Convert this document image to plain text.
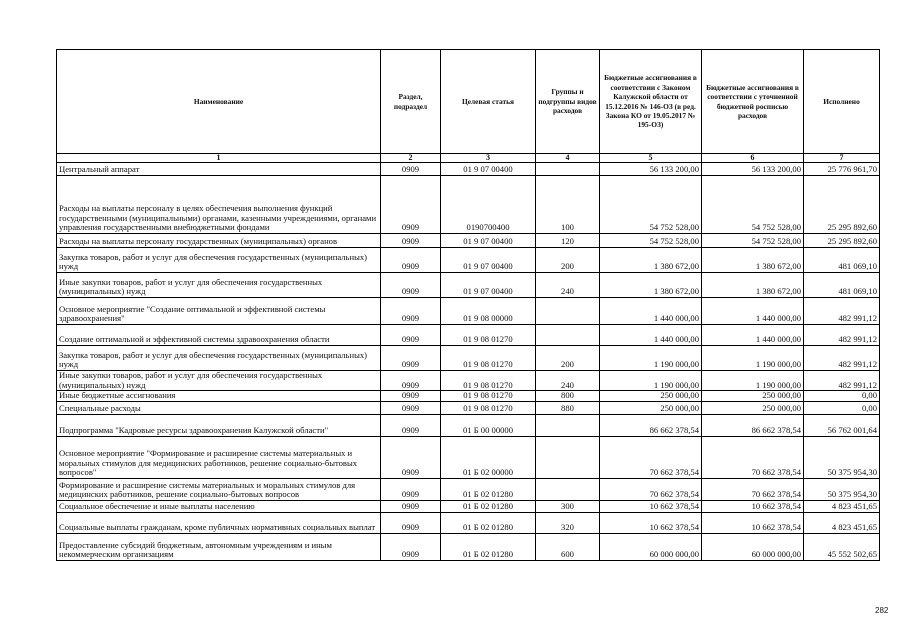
Наименование	Раздел, подраздел	Целевая статья	Группы и подгруппы видов расходов	Бюджетные ассигнования в соответствии с Законом Калужской области от 15.12.2016 № 146-ОЗ (в ред. Закона КО от 19.05.2017 № 195-ОЗ)	Бюджетные ассигнования в соответствии с уточненной бюджетной росписью расходов	Исполнено
1	2	3	4	5	6	7
Центральный аппарат	0909	01 9 07 00400		56 133 200,00	56 133 200,00	25 776 961,70
Расходы на выплаты персоналу в целях обеспечения выполнения функций государственными (муниципальными) органами, казенными учреждениями, органами управления государственными внебюджетными фондами	0909	0190700400	100	54 752 528,00	54 752 528,00	25 295 892,60
Расходы на выплаты персоналу государственных (муниципальных) органов	0909	01 9 07 00400	120	54 752 528,00	54 752 528,00	25 295 892,60
Закупка товаров, работ и услуг для обеспечения государственных (муниципальных) нужд	0909	01 9 07 00400	200	1 380 672,00	1 380 672,00	481 069,10
Иные закупки товаров, работ и услуг для обеспечения государственных (муниципальных) нужд	0909	01 9 07 00400	240	1 380 672,00	1 380 672,00	481 069,10
Основное мероприятие "Создание оптимальной и эффективной системы здравоохранения"	0909	01 9 08 00000		1 440 000,00	1 440 000,00	482 991,12
Создание оптимальной и эффективной системы здравоохранения области	0909	01 9 08 01270		1 440 000,00	1 440 000,00	482 991,12
Закупка товаров, работ и услуг для обеспечения государственных (муниципальных) нужд	0909	01 9 08 01270	200	1 190 000,00	1 190 000,00	482 991,12
Иные закупки товаров, работ и услуг для обеспечения государственных (муниципальных) нужд	0909	01 9 08 01270	240	1 190 000,00	1 190 000,00	482 991,12
Иные бюджетные ассигнования	0909	01 9 08 01270	800	250 000,00	250 000,00	0,00
Специальные расходы	0909	01 9 08 01270	880	250 000,00	250 000,00	0,00
Подпрограмма "Кадровые ресурсы здравоохранения Калужской области"	0909	01 Б 00 00000		86 662 378,54	86 662 378,54	56 762 001,64
Основное мероприятие "Формирование и расширение системы материальных и моральных стимулов для медицинских работников, решение социально-бытовых вопросов"	0909	01 Б 02 00000		70 662 378,54	70 662 378,54	50 375 954,30
Формирование и расширение системы материальных и моральных стимулов для медицинских работников, решение социально-бытовых вопросов	0909	01 Б 02 01280		70 662 378,54	70 662 378,54	50 375 954,30
Социальное обеспечение и иные выплаты населению	0909	01 Б 02 01280	300	10 662 378,54	10 662 378,54	4 823 451,65
Социальные выплаты гражданам, кроме публичных нормативных социальных выплат	0909	01 Б 02 01280	320	10 662 378,54	10 662 378,54	4 823 451,65
Предоставление субсидий бюджетным, автономным учреждениям и иным некоммерческим организациям	0909	01 Б 02 01280	600	60 000 000,00	60 000 000,00	45 552 502,65
282
